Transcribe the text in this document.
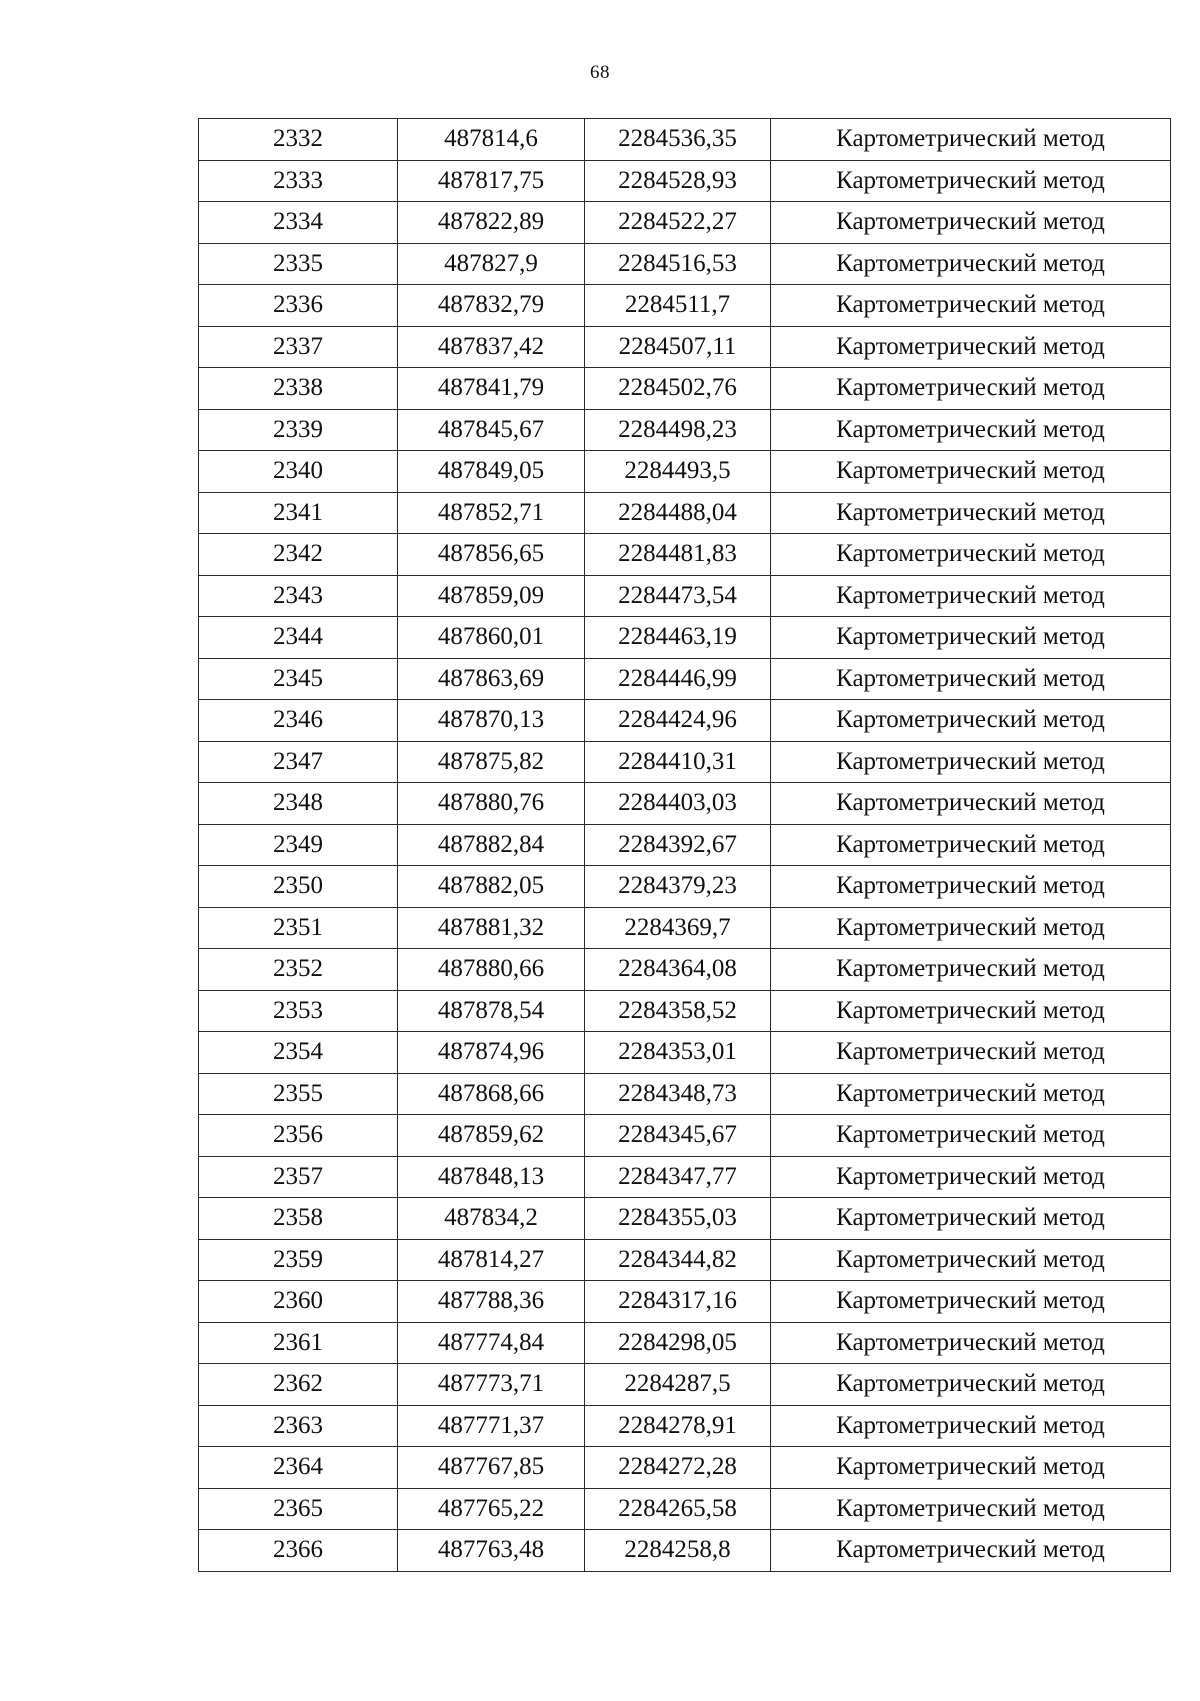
68
2332	487814,6	2284536,35	Картометрический метод
2333	487817,75	2284528,93	Картометрический метод
2334	487822,89	2284522,27	Картометрический метод
2335	487827,9	2284516,53	Картометрический метод
2336	487832,79	2284511,7	Картометрический метод
2337	487837,42	2284507,11	Картометрический метод
2338	487841,79	2284502,76	Картометрический метод
2339	487845,67	2284498,23	Картометрический метод
2340	487849,05	2284493,5	Картометрический метод
2341	487852,71	2284488,04	Картометрический метод
2342	487856,65	2284481,83	Картометрический метод
2343	487859,09	2284473,54	Картометрический метод
2344	487860,01	2284463,19	Картометрический метод
2345	487863,69	2284446,99	Картометрический метод
2346	487870,13	2284424,96	Картометрический метод
2347	487875,82	2284410,31	Картометрический метод
2348	487880,76	2284403,03	Картометрический метод
2349	487882,84	2284392,67	Картометрический метод
2350	487882,05	2284379,23	Картометрический метод
2351	487881,32	2284369,7	Картометрический метод
2352	487880,66	2284364,08	Картометрический метод
2353	487878,54	2284358,52	Картометрический метод
2354	487874,96	2284353,01	Картометрический метод
2355	487868,66	2284348,73	Картометрический метод
2356	487859,62	2284345,67	Картометрический метод
2357	487848,13	2284347,77	Картометрический метод
2358	487834,2	2284355,03	Картометрический метод
2359	487814,27	2284344,82	Картометрический метод
2360	487788,36	2284317,16	Картометрический метод
2361	487774,84	2284298,05	Картометрический метод
2362	487773,71	2284287,5	Картометрический метод
2363	487771,37	2284278,91	Картометрический метод
2364	487767,85	2284272,28	Картометрический метод
2365	487765,22	2284265,58	Картометрический метод
2366	487763,48	2284258,8	Картометрический метод
